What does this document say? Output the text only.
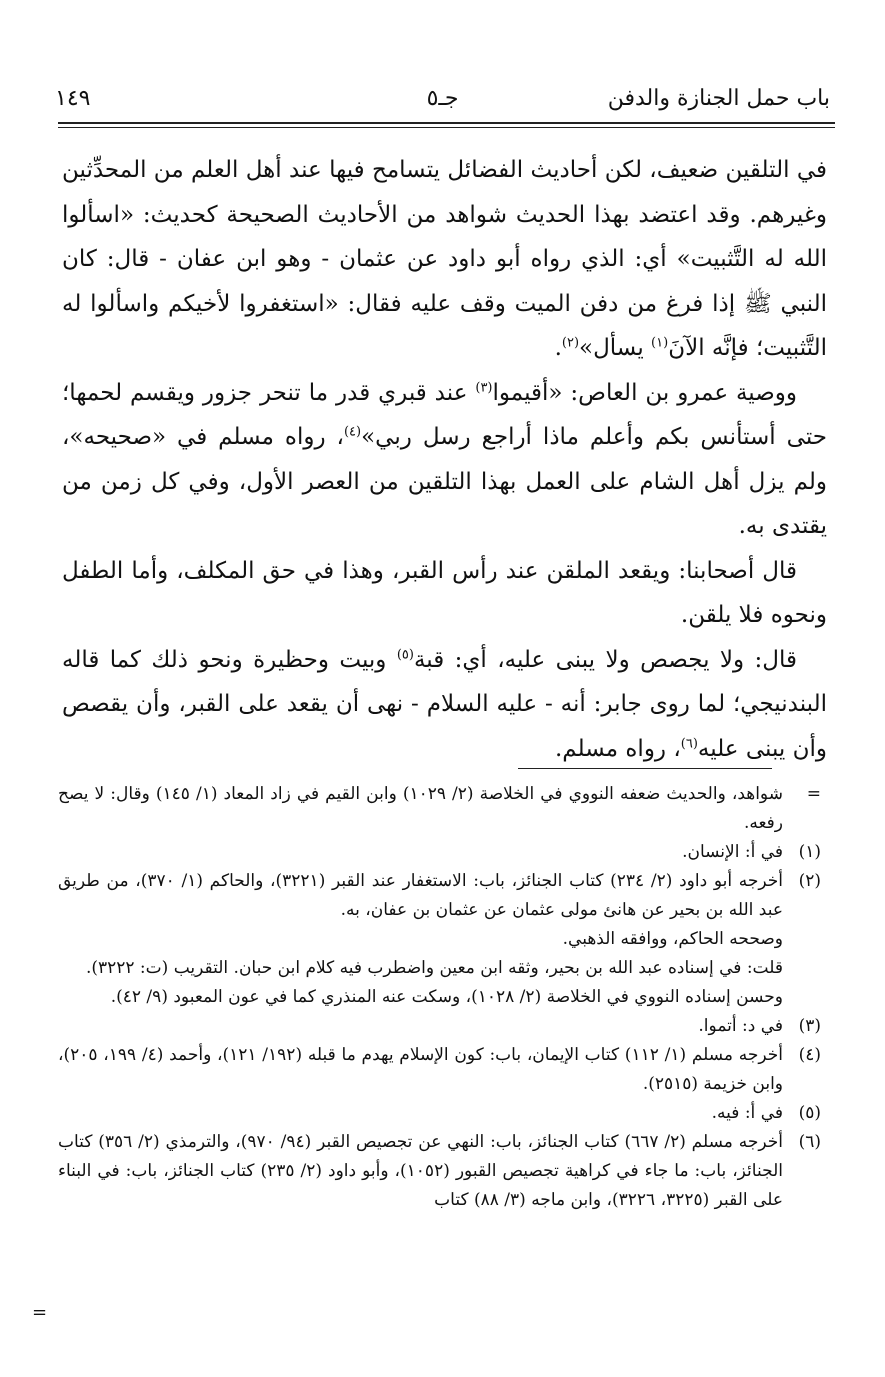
باب حمل الجنازة والدفن
جـ٥
١٤٩

في التلقين ضعيف، لكن أحاديث الفضائل يتسامح فيها عند أهل العلم من المحدِّثين وغيرهم. وقد اعتضد بهذا الحديث شواهد من الأحاديث الصحيحة كحديث: «اسألوا الله له التَّثبيت» أي: الذي رواه أبو داود عن عثمان - وهو ابن عفان - قال: كان النبي ﷺ إذا فرغ من دفن الميت وقف عليه فقال: «استغفروا لأخيكم واسألوا له التَّثبيت؛ فإنَّه الآنَ$^{(١)}$ يسأل»$^{(٢)}$.

ووصية عمرو بن العاص: «أقيموا$^{(٣)}$ عند قبري قدر ما تنحر جزور ويقسم لحمها؛ حتى أستأنس بكم وأعلم ماذا أراجع رسل ربي»$^{(٤)}$، رواه مسلم في «صحيحه»، ولم يزل أهل الشام على العمل بهذا التلقين من العصر الأول، وفي كل زمن من يقتدى به.

قال أصحابنا: ويقعد الملقن عند رأس القبر، وهذا في حق المكلف، وأما الطفل ونحوه فلا يلقن.

قال: ولا يجصص ولا يبنى عليه، أي: قبة$^{(٥)}$ وبيت وحظيرة ونحو ذلك كما قاله البندنيجي؛ لما روى جابر: أنه - عليه السلام - نهى أن يقعد على القبر، وأن يقصص وأن يبنى عليه$^{(٦)}$، رواه مسلم.

=
شواهد، والحديث ضعفه النووي في الخلاصة (٢/ ١٠٢٩) وابن القيم في زاد المعاد (١/ ١٤٥) وقال: لا يصح رفعه.
(١)
في أ: الإنسان.
(٢)
أخرجه أبو داود (٢/ ٢٣٤) كتاب الجنائز، باب: الاستغفار عند القبر (٣٢٢١)، والحاكم (١/ ٣٧٠)، من طريق عبد الله بن بحير عن هانئ مولى عثمان عن عثمان بن عفان، به.
وصححه الحاكم، ووافقه الذهبي.
قلت: في إسناده عبد الله بن بحير، وثقه ابن معين واضطرب فيه كلام ابن حبان. التقريب (ت: ٣٢٢٢).
وحسن إسناده النووي في الخلاصة (٢/ ١٠٢٨)، وسكت عنه المنذري كما في عون المعبود (٩/ ٤٢).
(٣)
في د: أتموا.
(٤)
أخرجه مسلم (١/ ١١٢) كتاب الإيمان، باب: كون الإسلام يهدم ما قبله (١٩٢/ ١٢١)، وأحمد (٤/ ١٩٩، ٢٠٥)، وابن خزيمة (٢٥١٥).
(٥)
في أ: فيه.
(٦)
أخرجه مسلم (٢/ ٦٦٧) كتاب الجنائز، باب: النهي عن تجصيص القبر (٩٤/ ٩٧٠)، والترمذي (٢/ ٣٥٦) كتاب الجنائز، باب: ما جاء في كراهية تجصيص القبور (١٠٥٢)، وأبو داود (٢/ ٢٣٥) كتاب الجنائز، باب: في البناء على القبر (٣٢٢٥، ٣٢٢٦)، وابن ماجه (٣/ ٨٨) كتاب
=
